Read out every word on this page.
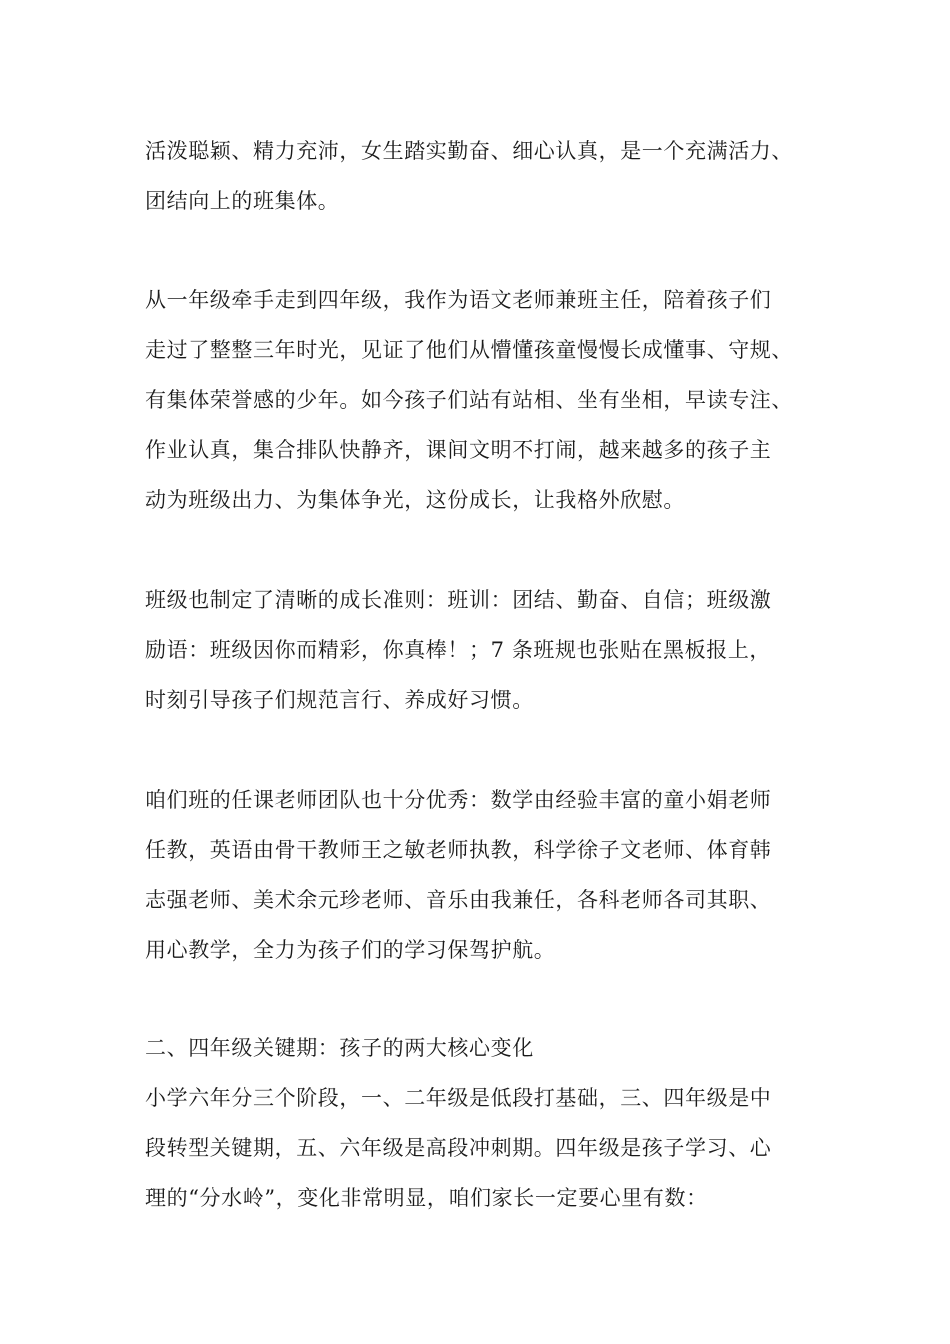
活泼聪颖、精力充沛，女生踏实勤奋、细心认真，是一个充满活力、
团结向上的班集体。

从一年级牵手走到四年级，我作为语文老师兼班主任，陪着孩子们
走过了整整三年时光，见证了他们从懵懂孩童慢慢长成懂事、守规、
有集体荣誉感的少年。如今孩子们站有站相、坐有坐相，早读专注、
作业认真，集合排队快静齐，课间文明不打闹，越来越多的孩子主
动为班级出力、为集体争光，这份成长，让我格外欣慰。

班级也制定了清晰的成长准则：班训：团结、勤奋、自信；班级激
励语：班级因你而精彩，你真棒！；7 条班规也张贴在黑板报上，
时刻引导孩子们规范言行、养成好习惯。

咱们班的任课老师团队也十分优秀：数学由经验丰富的童小娟老师
任教，英语由骨干教师王之敏老师执教，科学徐子文老师、体育韩
志强老师、美术余元珍老师、音乐由我兼任，各科老师各司其职、
用心教学，全力为孩子们的学习保驾护航。

二、四年级关键期：孩子的两大核心变化
小学六年分三个阶段，一、二年级是低段打基础，三、四年级是中
段转型关键期，五、六年级是高段冲刺期。四年级是孩子学习、心
理的“分水岭”，变化非常明显，咱们家长一定要心里有数：
